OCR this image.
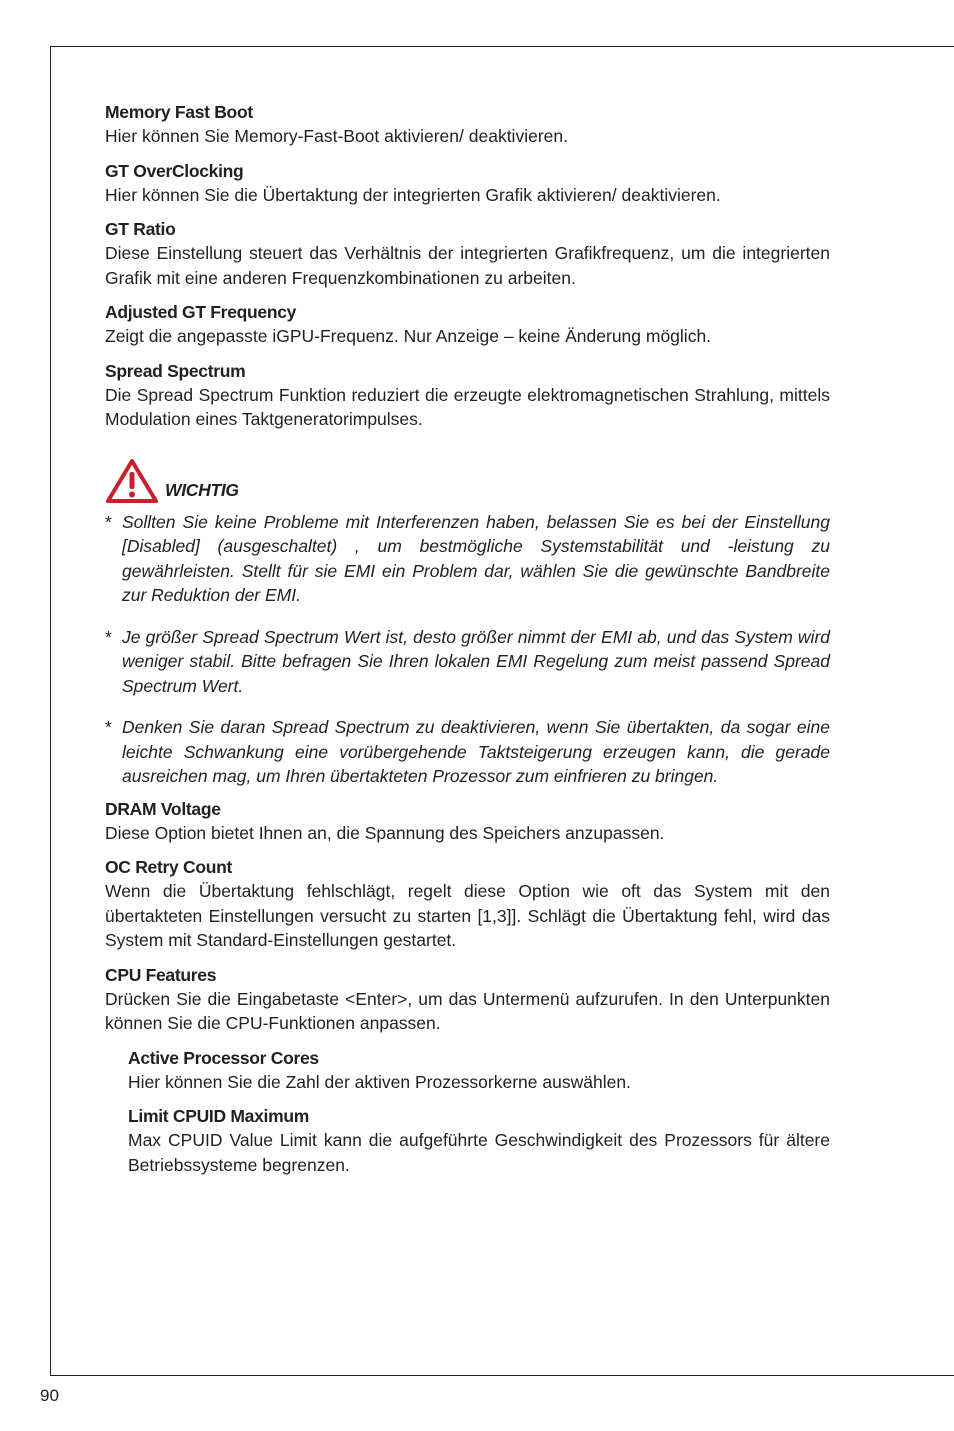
Memory Fast Boot
Hier können Sie Memory-Fast-Boot aktivieren/ deaktivieren.
GT OverClocking
Hier können Sie die Übertaktung der integrierten Grafik aktivieren/ deaktivieren.
GT Ratio
Diese Einstellung steuert das Verhältnis der integrierten Grafikfrequenz, um die integrierten Grafik mit eine anderen Frequenzkombinationen zu arbeiten.
Adjusted GT Frequency
Zeigt die angepasste iGPU-Frequenz. Nur Anzeige – keine Änderung möglich.
Spread Spectrum
Die Spread Spectrum Funktion reduziert die erzeugte elektromagnetischen Strahlung, mittels Modulation eines Taktgeneratorimpulses.
WICHTIG
* Sollten Sie keine Probleme mit Interferenzen haben, belassen Sie es bei der Einstellung [Disabled] (ausgeschaltet) , um bestmögliche Systemstabilität und -leistung zu gewährleisten. Stellt für sie EMI ein Problem dar, wählen Sie die gewünschte Bandbreite zur Reduktion der EMI.
* Je größer Spread Spectrum Wert ist, desto größer nimmt der EMI ab, und das System wird weniger stabil. Bitte befragen Sie Ihren lokalen EMI Regelung zum meist passend Spread Spectrum Wert.
* Denken Sie daran Spread Spectrum zu deaktivieren, wenn Sie übertakten, da sogar eine leichte Schwankung eine vorübergehende Taktsteigerung erzeugen kann, die gerade ausreichen mag, um Ihren übertakteten Prozessor zum einfrieren zu bringen.
DRAM Voltage
Diese Option bietet Ihnen an, die Spannung des Speichers anzupassen.
OC Retry Count
Wenn die Übertaktung fehlschlägt, regelt diese Option wie oft das System mit den übertakteten Einstellungen versucht zu starten [1,3]]. Schlägt die Übertaktung fehl, wird das System mit Standard-Einstellungen gestartet.
CPU Features
Drücken Sie die Eingabetaste <Enter>, um das Untermenü aufzurufen. In den Unterpunkten können Sie die CPU-Funktionen anpassen.
Active Processor Cores
Hier können Sie die Zahl der aktiven Prozessorkerne auswählen.
Limit CPUID Maximum
Max CPUID Value Limit kann die aufgeführte Geschwindigkeit des Prozessors für ältere Betriebssysteme begrenzen.
90
